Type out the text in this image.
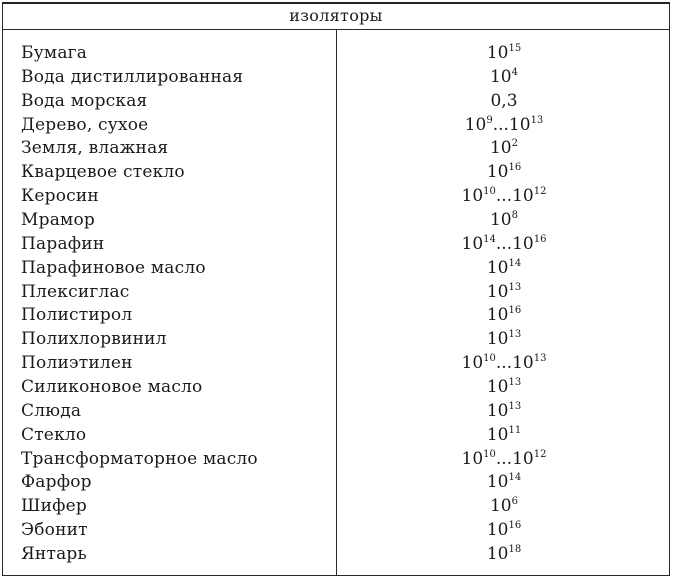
изоляторы
Бумага	$10^{15}$
Вода дистиллированная	$10^4$
Вода морская	0,3
Дерево, сухое	$10^9...10^{13}$
Земля, влажная	$10^2$
Кварцевое стекло	$10^{16}$
Керосин	$10^{10}...10^{12}$
Мрамор	$10^8$
Парафин	$10^{14}...10^{16}$
Парафиновое масло	$10^{14}$
Плексиглас	$10^{13}$
Полистирол	$10^{16}$
Полихлорвинил	$10^{13}$
Полиэтилен	$10^{10}...10^{13}$
Силиконовое масло	$10^{13}$
Слюда	$10^{13}$
Стекло	$10^{11}$
Трансформаторное масло	$10^{10}...10^{12}$
Фарфор	$10^{14}$
Шифер	$10^6$
Эбонит	$10^{16}$
Янтарь	$10^{18}$
